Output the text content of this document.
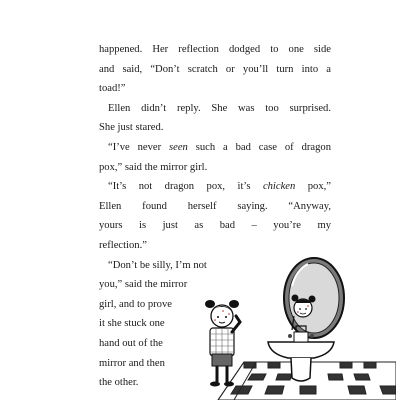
happened. Her reflection dodged to one side
and said, “Don’t scratch or you’ll turn into a
toad!”
Ellen didn’t reply. She was too surprised.
She just stared.
“I’ve never seen such a bad case of dragon
pox,” said the mirror girl.
“It’s not dragon pox, it’s chicken pox,”
Ellen found herself saying. “Anyway,
yours is just as bad – you’re my
reflection.”
“Don’t be silly, I’m not
you,” said the mirror
girl, and to prove
it she stuck one
hand out of the
mirror and then
the other.
